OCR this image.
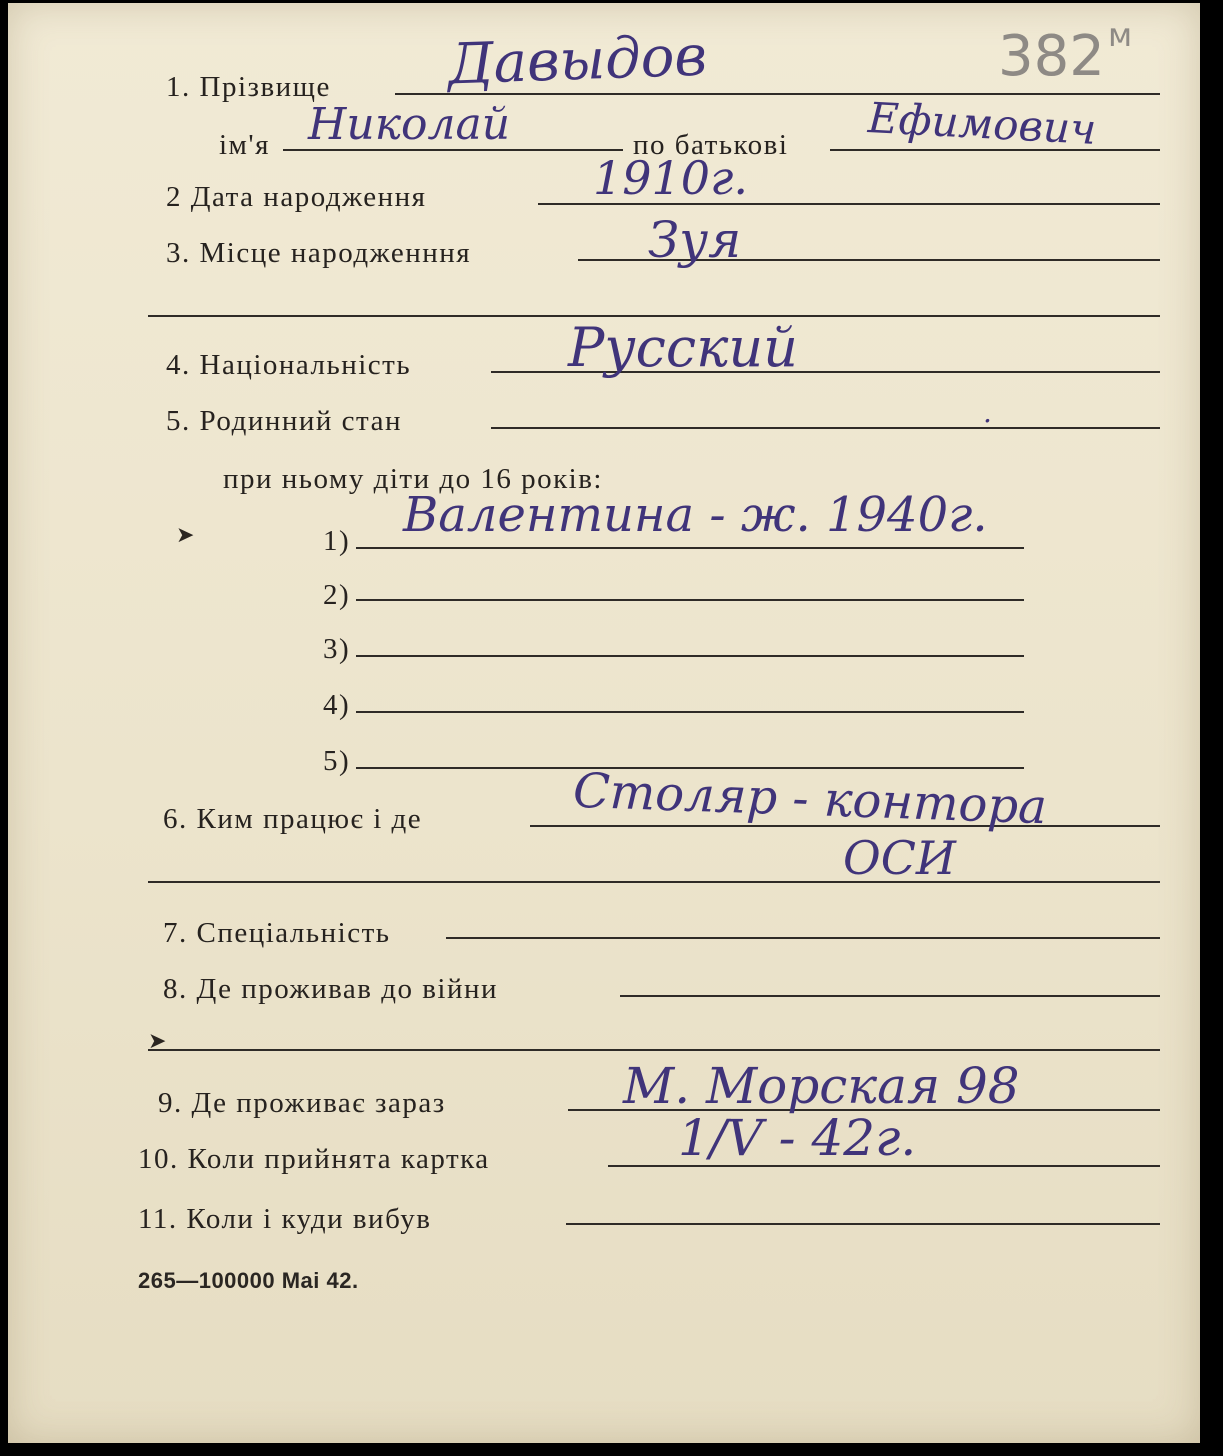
1. Прізвище Давыдов	382 м
ім'я Николай	по батькові Ефимович
2 Дата народження	1910г.
3. Місце народженння	Зуя
4. Національність	Русский
5. Родинний стан	.
при ньому діти до 16 років:
➤	1) Валентина - ж. 1940г.
2)
3)
4)
5)
6. Ким працює і де	Столяр - контора
ОСИ
7. Спеціальність
8. Де проживав до війни
➤
9. Де проживає зараз	М. Морская 98
10. Коли прийнята картка	1/V - 42г.
11. Коли і куди вибув
265—100000 Mai 42.
